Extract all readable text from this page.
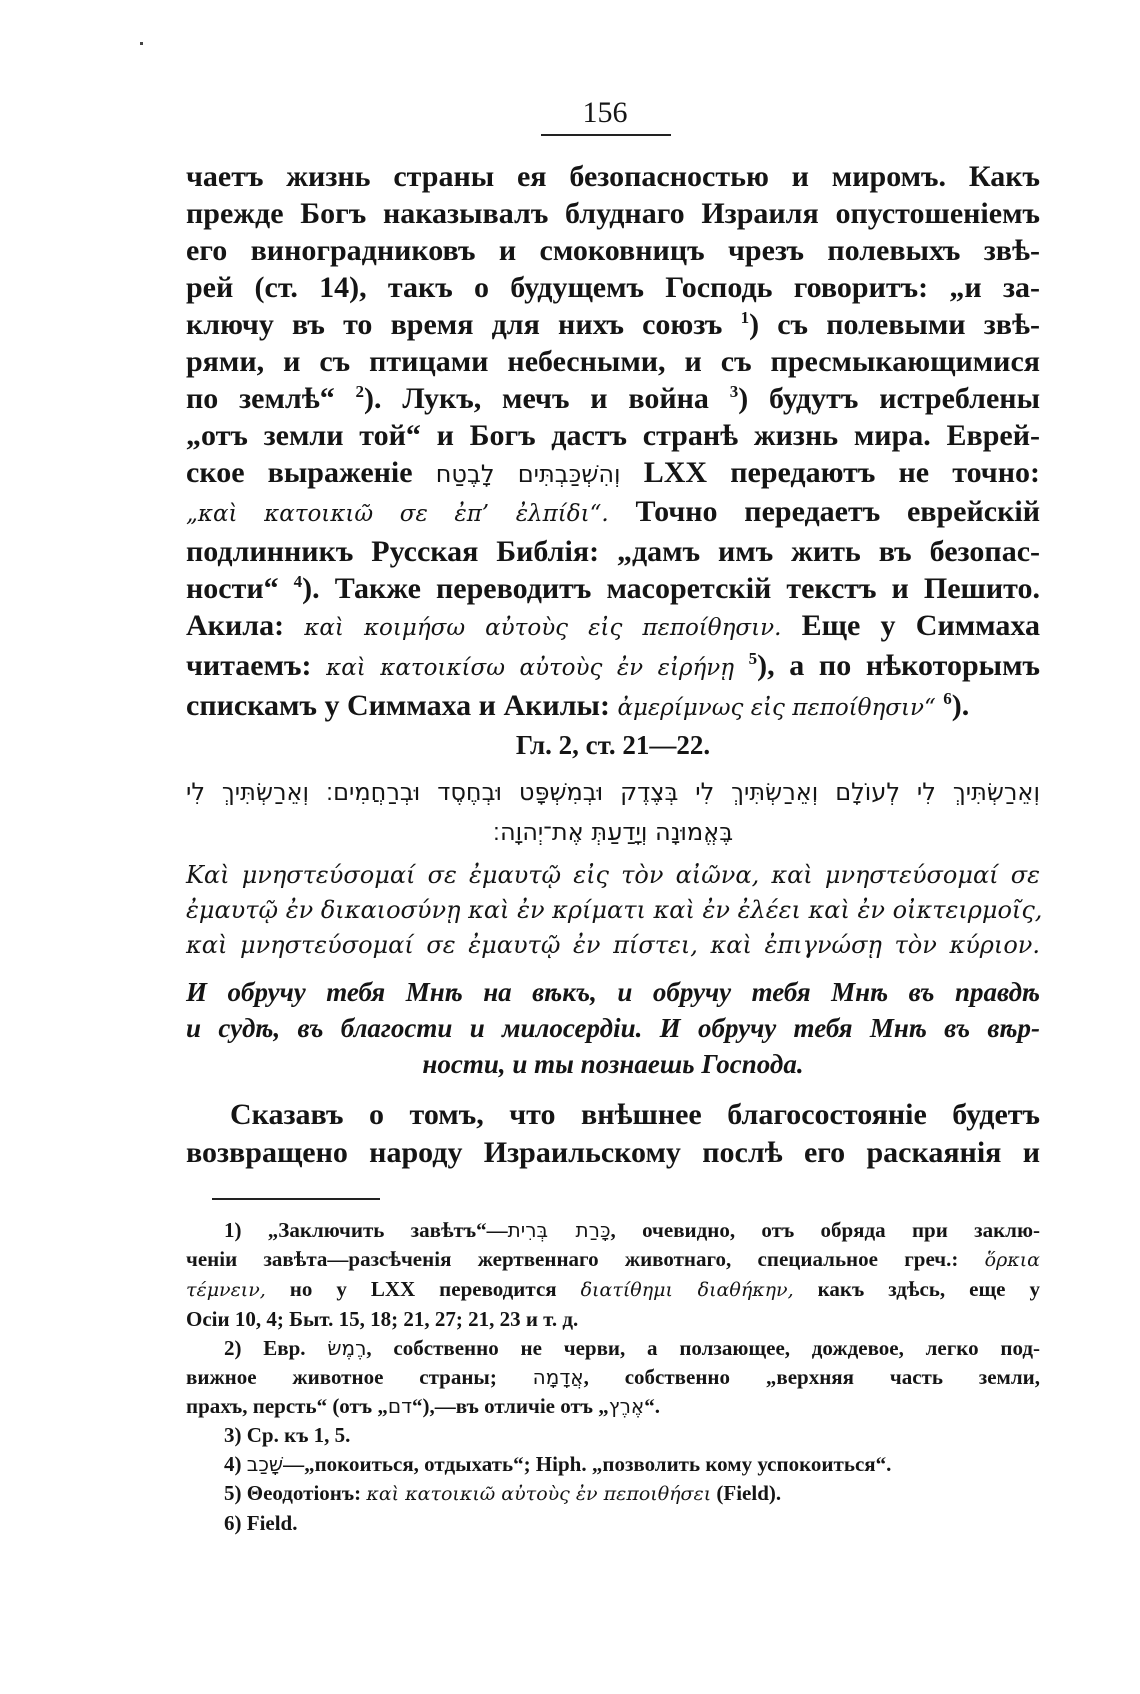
156
чаетъ жизнь страны ея безопасностью и миромъ. Какъ
прежде Богъ наказывалъ блуднаго Израиля опустошеніемъ
его виноградниковъ и смоковницъ чрезъ полевыхъ звѣ-
рей (ст. 14), такъ о будущемъ Господь говоритъ: „и за-
ключу въ то время для нихъ союзъ $^1$) съ полевыми звѣ-
рями, и съ птицами небесными, и съ пресмыкающимися
по землѣ“ $^2$). Лукъ, мечъ и война $^3$) будутъ истреблены
„отъ земли той“ и Богъ дастъ странѣ жизнь мира. Еврей-
ское выраженіе וְהִשְׁכַּבְתִּים לָבֶטַח LXX передаютъ не точно:
„καὶ κατοικιῶ σε ἐπ’ ἐλπίδι“. Точно передаетъ еврейскій
подлинникъ Русская Библія: „дамъ имъ жить въ безопас-
ности“ $^4$). Также переводитъ масоретскій текстъ и Пешито.
Акила: καὶ κοιμήσω αὐτοὺς εἰς πεποίθησιν. Еще у Симмаха
читаемъ: καὶ κατοικίσω αὐτοὺς ἐν εἰρήνῃ $^5$), а по нѣкоторымъ
спискамъ у Симмаха и Акилы: ἀμερίμνως εἰς πεποίθησιν“ $^6$).
Гл. 2, ст. 21—22.
וְאֵרַשְׂתִּיךְ לִי לְעוֹלָם וְאֵרַשְׂתִּיךְ לִי בְּצֶדֶק וּבְמִשְׁפָּט וּבְחֶסֶד וּבְרַחֲמִים׃ וְאֵרַשְׂתִּיךְ לִי
בֶּאֱמוּנָה וְיָדַעַתְּ אֶת־יְהוָה׃
Καὶ μνηστεύσομαί σε ἐμαυτῷ εἰς τὸν αἰῶνα, καὶ μνηστεύσομαί σε
ἐμαυτῷ ἐν δικαιοσύνῃ καὶ ἐν κρίματι καὶ ἐν ἐλέει καὶ ἐν οἰκτειρμοῖς,
καὶ μνηστεύσομαί σε ἐμαυτῷ ἐν πίστει, καὶ ἐπιγνώσῃ τὸν κύριον.
И обручу тебя Мнѣ на вѣкъ, и обручу тебя Мнѣ въ правдѣ
и судѣ, въ благости и милосердіи. И обручу тебя Мнѣ въ вѣр-
ности, и ты познаешь Господа.
Сказавъ о томъ, что внѣшнее благосостояніе будетъ
возвращено народу Израильскому послѣ его раскаянія и
1) „Заключить завѣтъ“—כָּרַת בְּרִית, очевидно, отъ обряда при заклю-
ченіи завѣта—разсѣченія жертвеннаго животнаго, специальное греч.: ὅρκια
τέμνειν, но у LXX переводится διατίθημι διαθήκην, какъ здѣсь, еще у
Осіи 10, 4; Быт. 15, 18; 21, 27; 21, 23 и т. д.
2) Евр. רֶמֶשׂ, собственно не черви, а ползающее, дождевое, легко под-
вижное животное страны; אֲדָמָה, собственно „верхняя часть земли,
прахъ, персть“ (отъ „דם“),—въ отличіе отъ „אֶרֶץ“.
3) Ср. къ 1, 5.
4) שָׁכַב—„покоиться, отдыхать“; Hiph. „позволить кому успокоиться“.
5) Θеодотіонъ: καὶ κατοικιῶ αὐτοὺς ἐν πεποιθήσει (Field).
6) Field.
